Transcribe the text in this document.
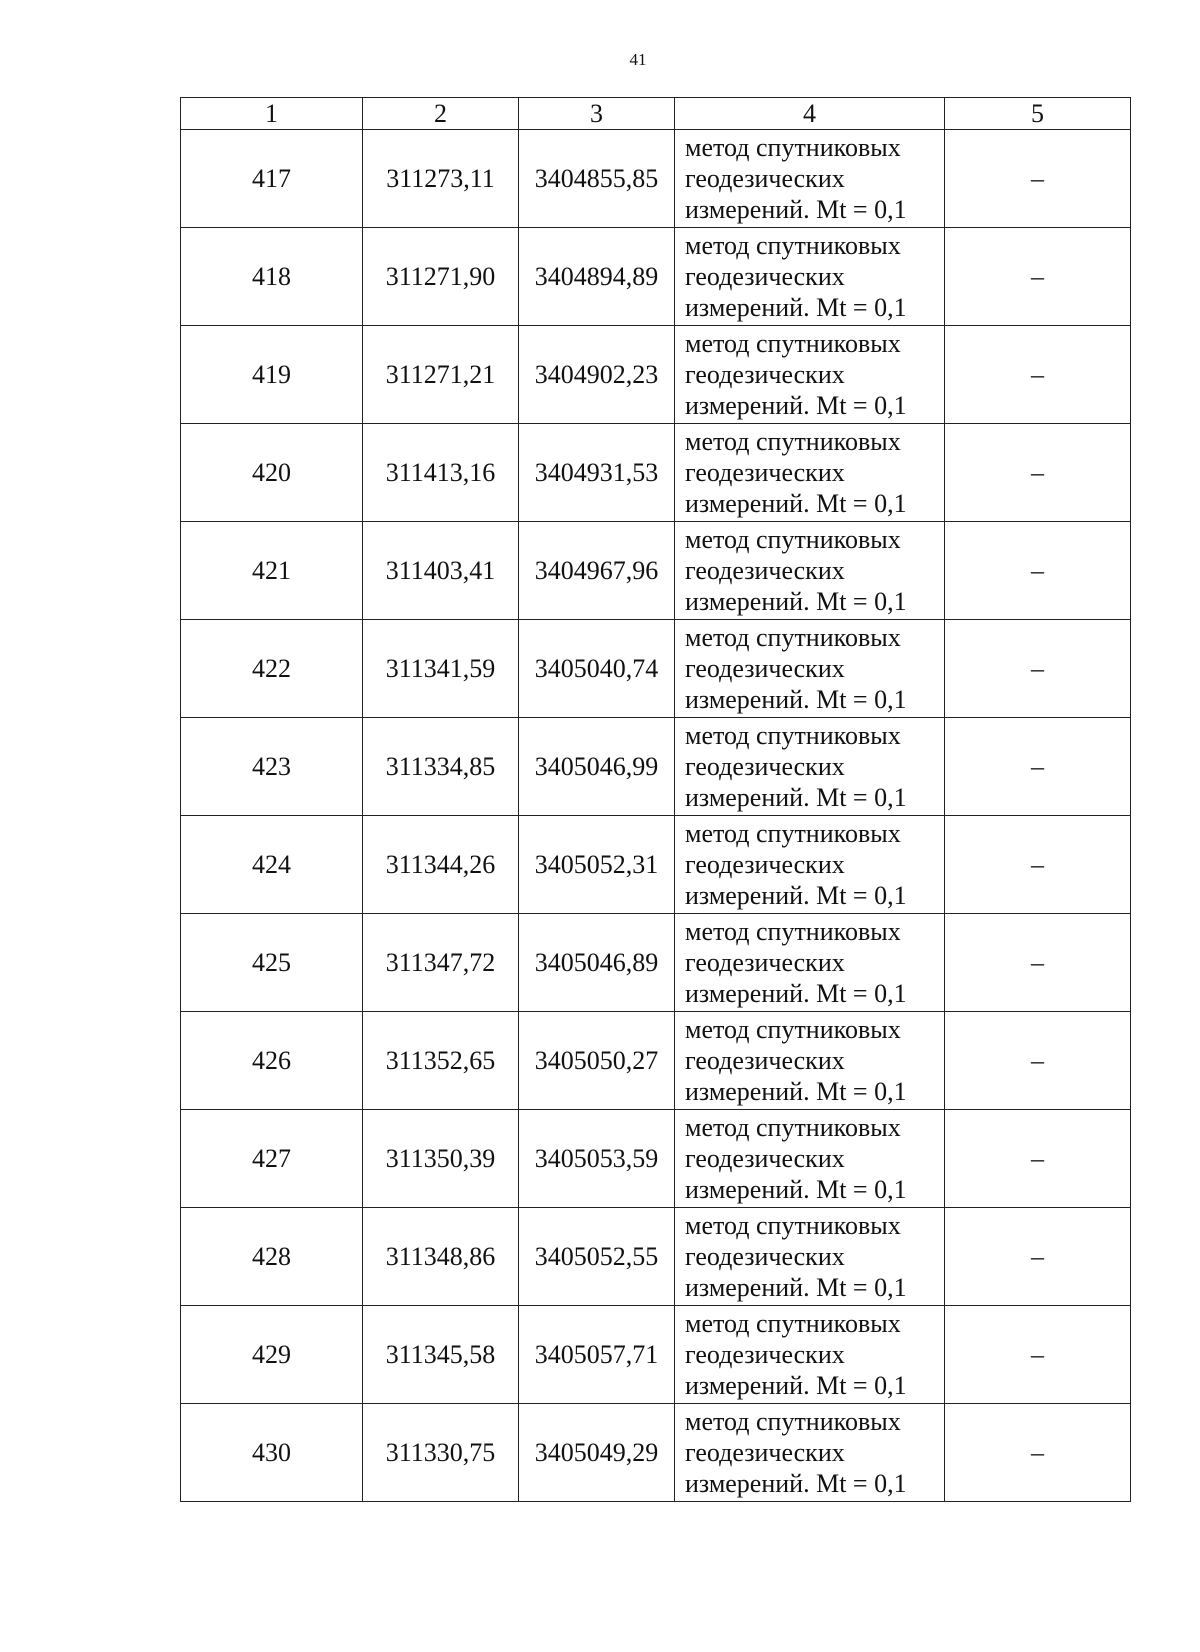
41
1	2	3	4	5
417	311273,11	3404855,85	метод спутниковых
геодезических
измерений. Mt = 0,1	–
418	311271,90	3404894,89	метод спутниковых
геодезических
измерений. Mt = 0,1	–
419	311271,21	3404902,23	метод спутниковых
геодезических
измерений. Mt = 0,1	–
420	311413,16	3404931,53	метод спутниковых
геодезических
измерений. Mt = 0,1	–
421	311403,41	3404967,96	метод спутниковых
геодезических
измерений. Mt = 0,1	–
422	311341,59	3405040,74	метод спутниковых
геодезических
измерений. Mt = 0,1	–
423	311334,85	3405046,99	метод спутниковых
геодезических
измерений. Mt = 0,1	–
424	311344,26	3405052,31	метод спутниковых
геодезических
измерений. Mt = 0,1	–
425	311347,72	3405046,89	метод спутниковых
геодезических
измерений. Mt = 0,1	–
426	311352,65	3405050,27	метод спутниковых
геодезических
измерений. Mt = 0,1	–
427	311350,39	3405053,59	метод спутниковых
геодезических
измерений. Mt = 0,1	–
428	311348,86	3405052,55	метод спутниковых
геодезических
измерений. Mt = 0,1	–
429	311345,58	3405057,71	метод спутниковых
геодезических
измерений. Mt = 0,1	–
430	311330,75	3405049,29	метод спутниковых
геодезических
измерений. Mt = 0,1	–
